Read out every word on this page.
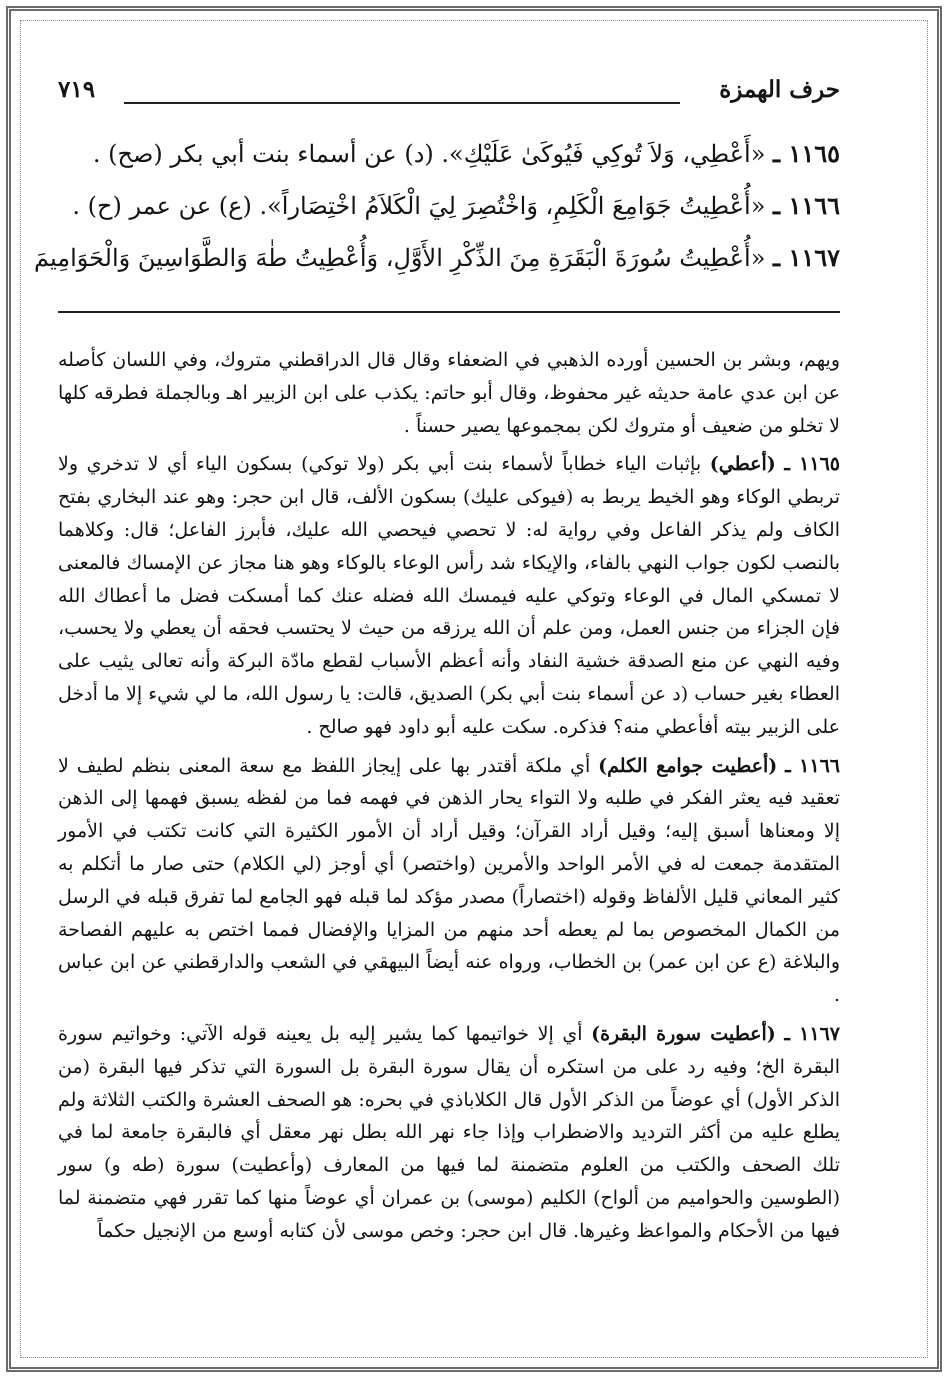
حرف الهمزة
٧١٩
١١٦٥ ـ «أَعْطِي، وَلاَ تُوكِي فَيُوكَىٰ عَلَيْكِ». (د) عن أسماء بنت أبي بكر (صح) .
١١٦٦ ـ «أُعْطِيتُ جَوَامِعَ الْكَلِمِ، وَاخْتُصِرَ لِيَ الْكَلاَمُ اخْتِصَاراً». (ع) عن عمر (ح) .
١١٦٧ ـ «أُعْطِيتُ سُورَةَ الْبَقَرَةِ مِنَ الذِّكْرِ الأَوَّلِ، وَأُعْطِيتُ طٰهَ وَالطَّوَاسِينَ وَالْحَوَامِيمَ

ويهم، وبشر بن الحسين أورده الذهبي في الضعفاء وقال قال الدراقطني متروك، وفي اللسان كأصله عن ابن عدي عامة حديثه غير محفوظ، وقال أبو حاتم: يكذب على ابن الزبير اهـ وبالجملة فطرقه كلها لا تخلو من ضعيف أو متروك لكن بمجموعها يصير حسناً .

١١٦٥ ـ (أعطي) بإثبات الياء خطاباً لأسماء بنت أبي بكر (ولا توكي) بسكون الياء أي لا تدخري ولا تربطي الوكاء وهو الخيط يربط به (فيوكى عليك) بسكون الألف، قال ابن حجر: وهو عند البخاري بفتح الكاف ولم يذكر الفاعل وفي رواية له: لا تحصي فيحصي الله عليك، فأبرز الفاعل؛ قال: وكلاهما بالنصب لكون جواب النهي بالفاء، والإيكاء شد رأس الوعاء بالوكاء وهو هنا مجاز عن الإمساك فالمعنى لا تمسكي المال في الوعاء وتوكي عليه فيمسك الله فضله عنك كما أمسكت فضل ما أعطاك الله فإن الجزاء من جنس العمل، ومن علم أن الله يرزقه من حيث لا يحتسب فحقه أن يعطي ولا يحسب، وفيه النهي عن منع الصدقة خشية النفاد وأنه أعظم الأسباب لقطع مادّة البركة وأنه تعالى يثيب على العطاء بغير حساب (د عن أسماء بنت أبي بكر) الصديق، قالت: يا رسول الله، ما لي شيء إلا ما أدخل على الزبير بيته أفأعطي منه؟ فذكره. سكت عليه أبو داود فهو صالح .

١١٦٦ ـ (أعطيت جوامع الكلم) أي ملكة أقتدر بها على إيجاز اللفظ مع سعة المعنى بنظم لطيف لا تعقيد فيه يعثر الفكر في طلبه ولا التواء يحار الذهن في فهمه فما من لفظه يسبق فهمها إلى الذهن إلا ومعناها أسبق إليه؛ وقيل أراد القرآن؛ وقيل أراد أن الأمور الكثيرة التي كانت تكتب في الأمور المتقدمة جمعت له في الأمر الواحد والأمرين (واختصر) أي أوجز (لي الكلام) حتى صار ما أتكلم به كثير المعاني قليل الألفاظ وقوله (اختصاراً) مصدر مؤكد لما قبله فهو الجامع لما تفرق قبله في الرسل من الكمال المخصوص بما لم يعطه أحد منهم من المزايا والإفضال فمما اختص به عليهم الفصاحة والبلاغة (ع عن ابن عمر) بن الخطاب، ورواه عنه أيضاً البيهقي في الشعب والدارقطني عن ابن عباس .

١١٦٧ ـ (أعطيت سورة البقرة) أي إلا خواتيمها كما يشير إليه بل يعينه قوله الآتي: وخواتيم سورة البقرة الخ؛ وفيه رد على من استكره أن يقال سورة البقرة بل السورة التي تذكر فيها البقرة (من الذكر الأول) أي عوضاً من الذكر الأول قال الكلاباذي في بحره: هو الصحف العشرة والكتب الثلاثة ولم يطلع عليه من أكثر الترديد والاضطراب وإذا جاء نهر الله بطل نهر معقل أي فالبقرة جامعة لما في تلك الصحف والكتب من العلوم متضمنة لما فيها من المعارف (وأعطيت) سورة (طه و) سور (الطوسين والحواميم من ألواح) الكليم (موسى) بن عمران أي عوضاً منها كما تقرر فهي متضمنة لما فيها من الأحكام والمواعظ وغيرها. قال ابن حجر: وخص موسى لأن كتابه أوسع من الإنجيل حكماً
